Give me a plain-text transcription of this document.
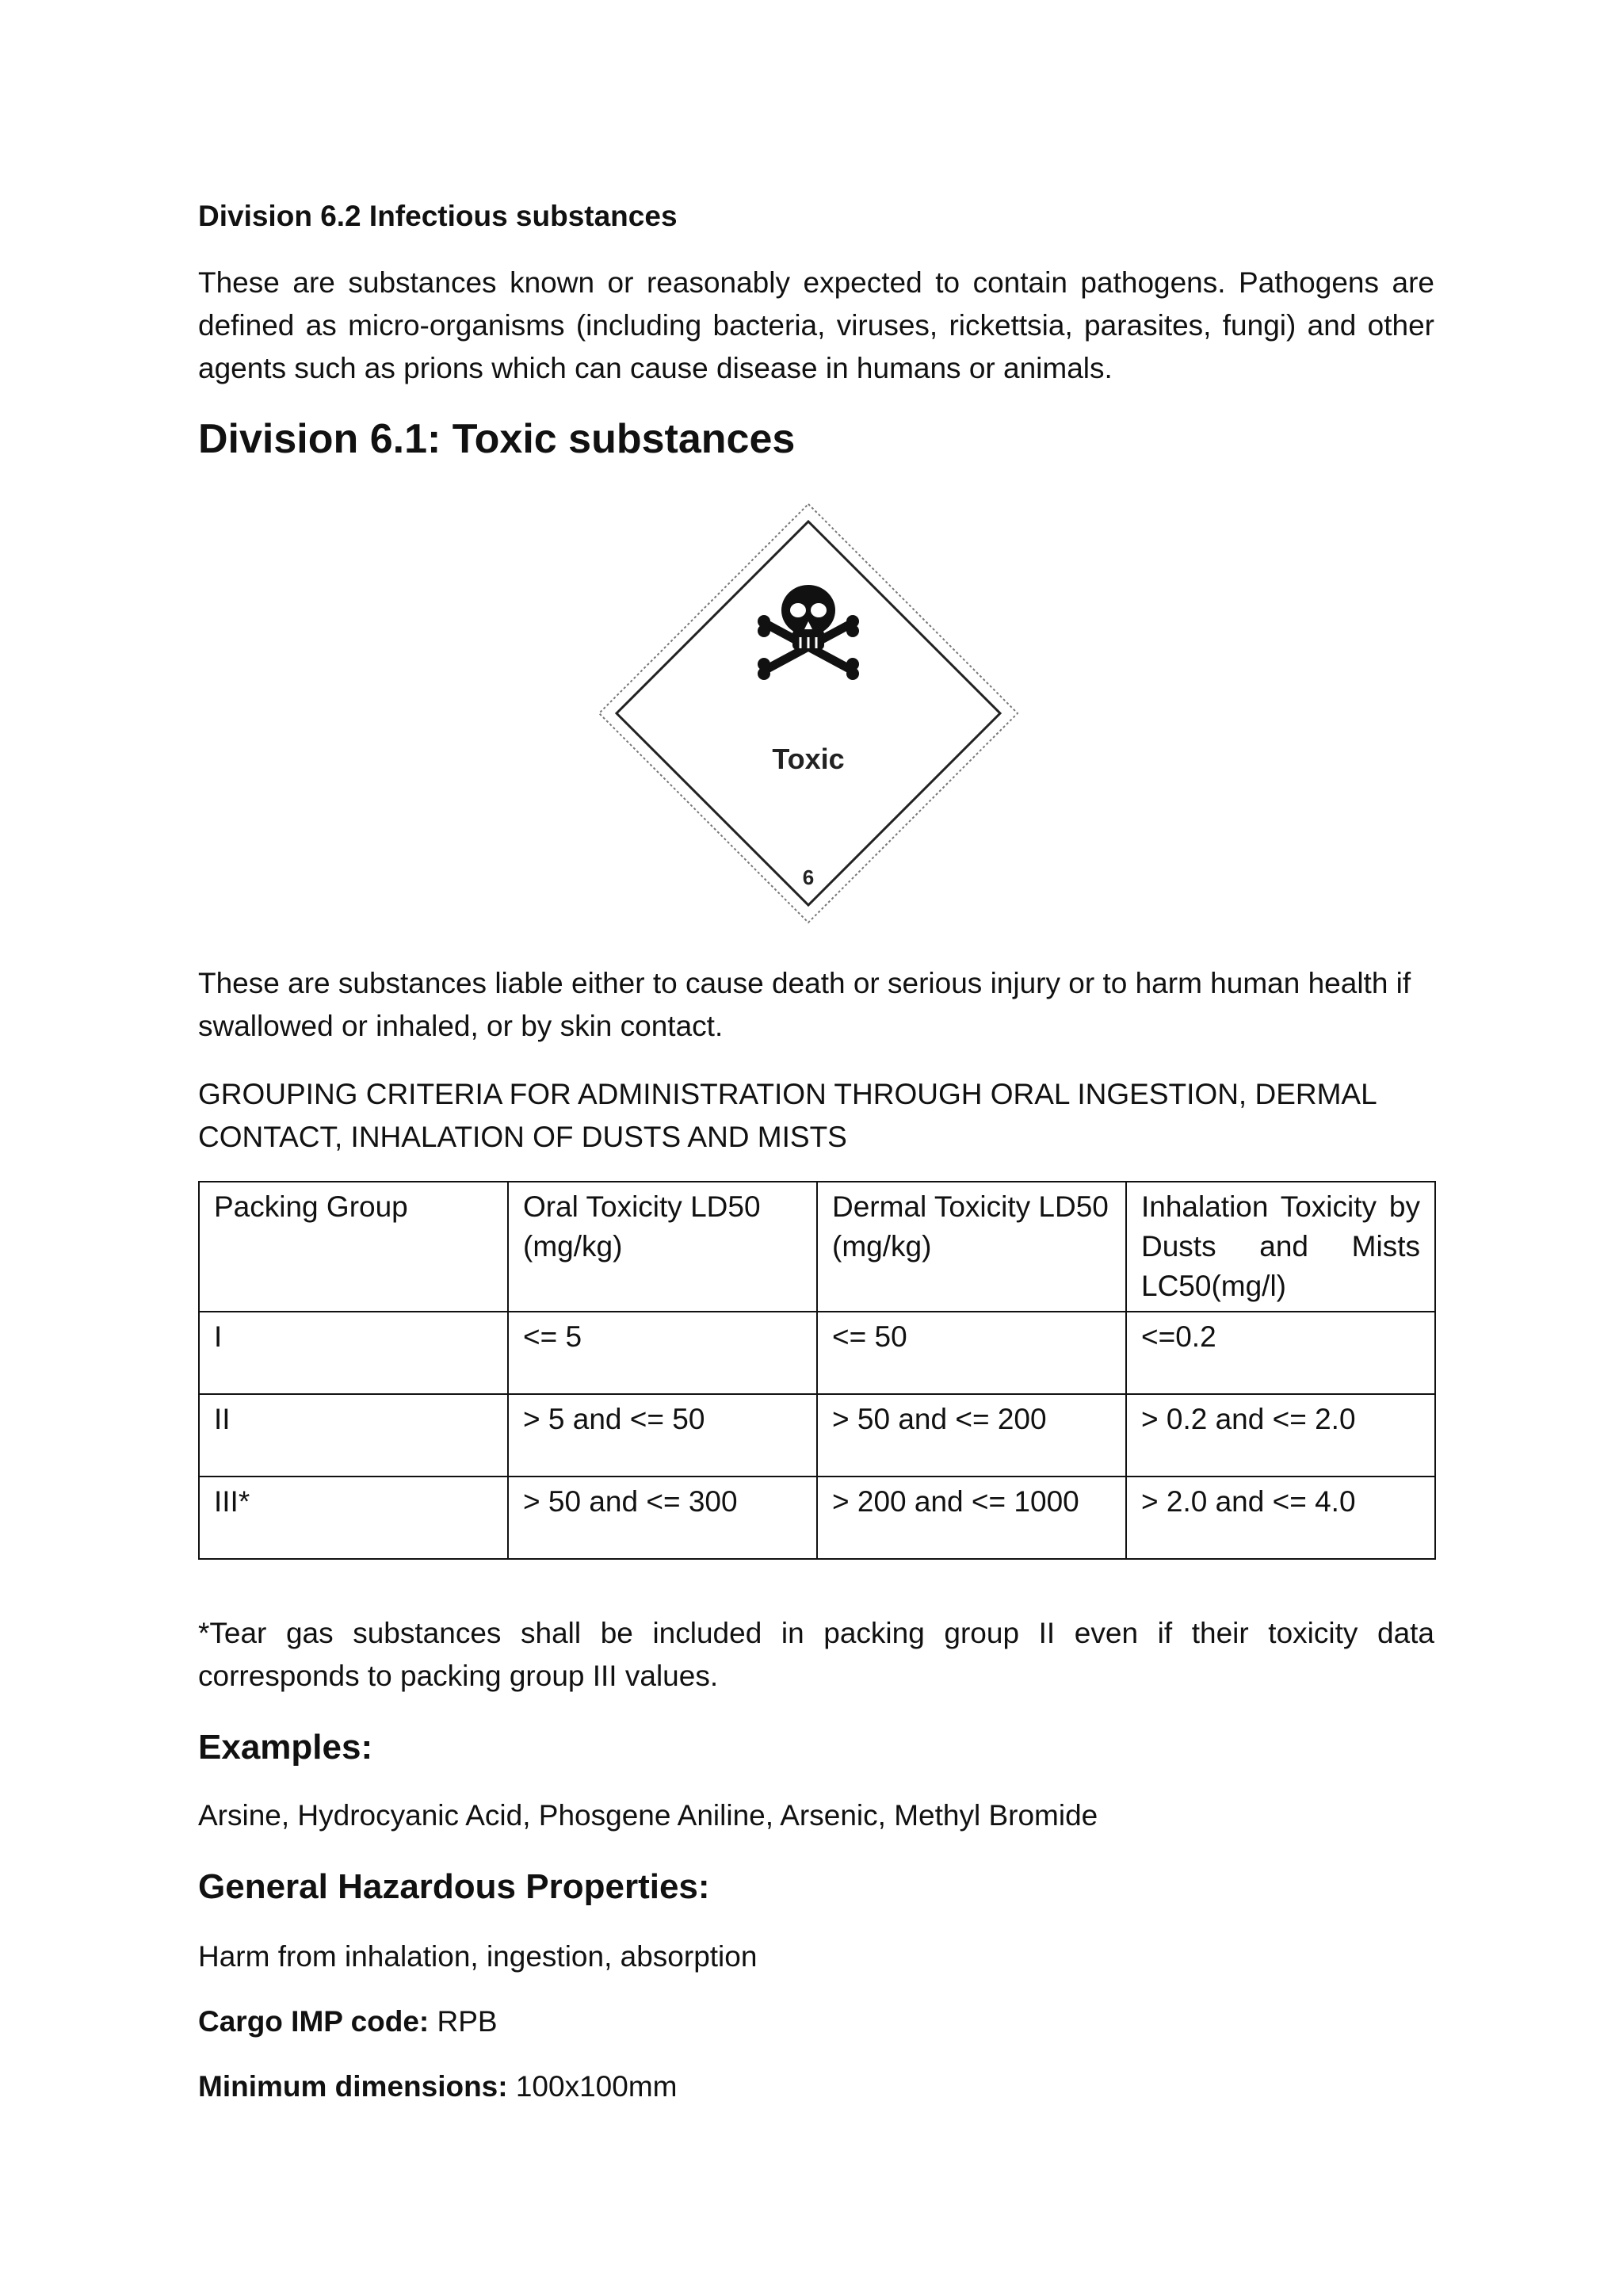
Division 6.2 Infectious substances
These are substances known or reasonably expected to contain pathogens. Pathogens are defined as micro-organisms (including bacteria, viruses, rickettsia, parasites, fungi) and other agents such as prions which can cause disease in humans or animals.
Division 6.1: Toxic substances
Toxic
6
These are substances liable either to cause death or serious injury or to harm human health if swallowed or inhaled, or by skin contact.
GROUPING CRITERIA FOR ADMINISTRATION THROUGH ORAL INGESTION, DERMAL CONTACT, INHALATION OF DUSTS AND MISTS
Packing Group	Oral Toxicity LD50 (mg/kg)	Dermal Toxicity LD50 (mg/kg)	Inhalation Toxicity by Dusts and Mists LC50(mg/l)
I	<= 5	<= 50	<=0.2
II	> 5 and <= 50	> 50 and <= 200	> 0.2 and <= 2.0
III*	> 50 and <= 300	> 200 and <= 1000	> 2.0 and <= 4.0
*Tear gas substances shall be included in packing group II even if their toxicity data corresponds to packing group III values.
Examples:
Arsine, Hydrocyanic Acid, Phosgene Aniline, Arsenic, Methyl Bromide
General Hazardous Properties:
Harm from inhalation, ingestion, absorption
Cargo IMP code: RPB
Minimum dimensions: 100x100mm
